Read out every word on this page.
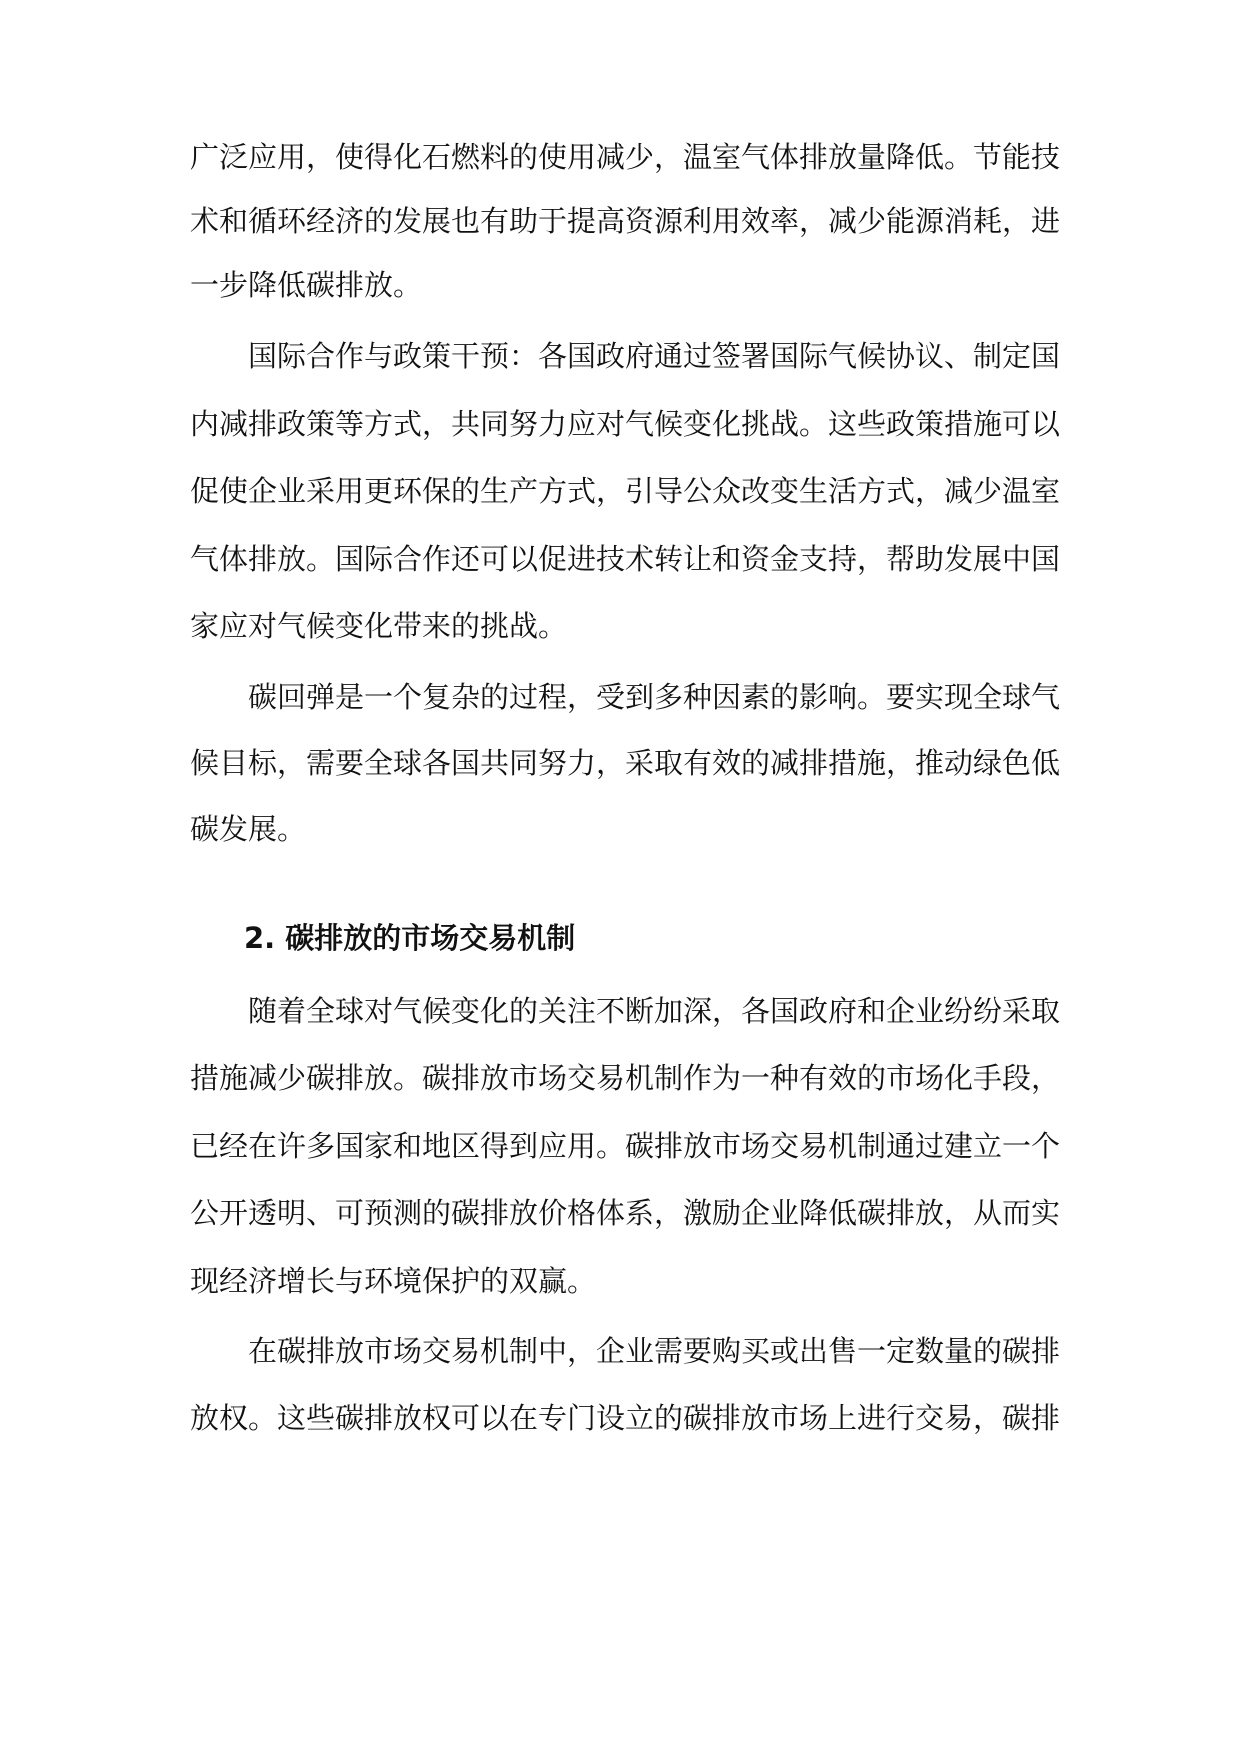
广泛应用，使得化石燃料的使用减少，温室气体排放量降低。节能技
术和循环经济的发展也有助于提高资源利用效率，减少能源消耗，进
一步降低碳排放。
国际合作与政策干预：各国政府通过签署国际气候协议、制定国
内减排政策等方式，共同努力应对气候变化挑战。这些政策措施可以
促使企业采用更环保的生产方式，引导公众改变生活方式，减少温室
气体排放。国际合作还可以促进技术转让和资金支持，帮助发展中国
家应对气候变化带来的挑战。
碳回弹是一个复杂的过程，受到多种因素的影响。要实现全球气
候目标，需要全球各国共同努力，采取有效的减排措施，推动绿色低
碳发展。
2. 碳排放的市场交易机制
随着全球对气候变化的关注不断加深，各国政府和企业纷纷采取
措施减少碳排放。碳排放市场交易机制作为一种有效的市场化手段，
已经在许多国家和地区得到应用。碳排放市场交易机制通过建立一个
公开透明、可预测的碳排放价格体系，激励企业降低碳排放，从而实
现经济增长与环境保护的双赢。
在碳排放市场交易机制中，企业需要购买或出售一定数量的碳排
放权。这些碳排放权可以在专门设立的碳排放市场上进行交易，碳排
